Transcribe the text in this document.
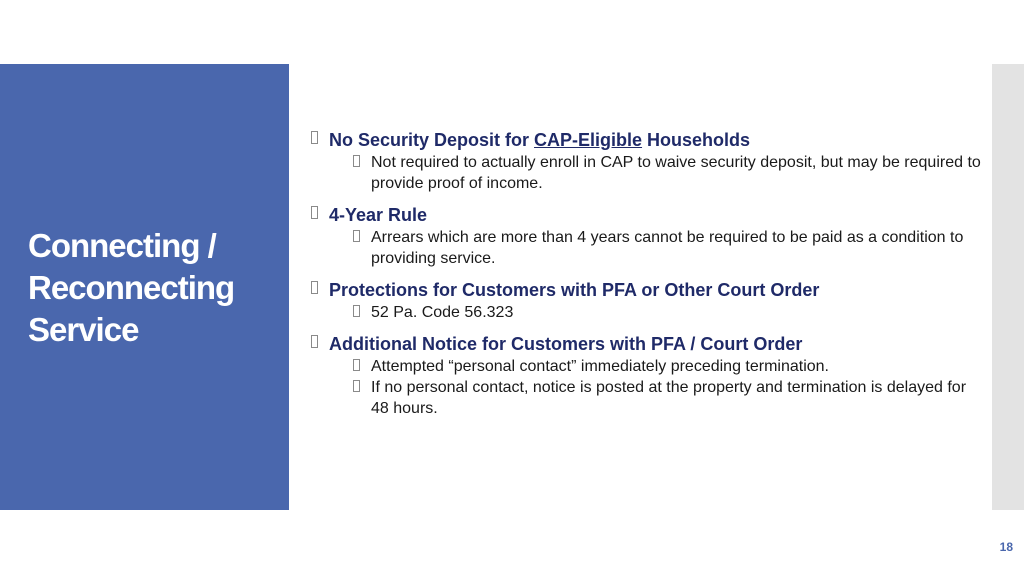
Connecting /
Reconnecting
Service
No Security Deposit for CAP-Eligible Households
Not required to actually enroll in CAP to waive security deposit, but may be required to provide proof of income.
4-Year Rule
Arrears which are more than 4 years cannot be required to be paid as a condition to providing service.
Protections for Customers with PFA or Other Court Order
52 Pa. Code 56.323
Additional Notice for Customers with PFA / Court Order
Attempted “personal contact” immediately preceding termination.
If no personal contact, notice is posted at the property and termination is delayed for 48 hours.
18
